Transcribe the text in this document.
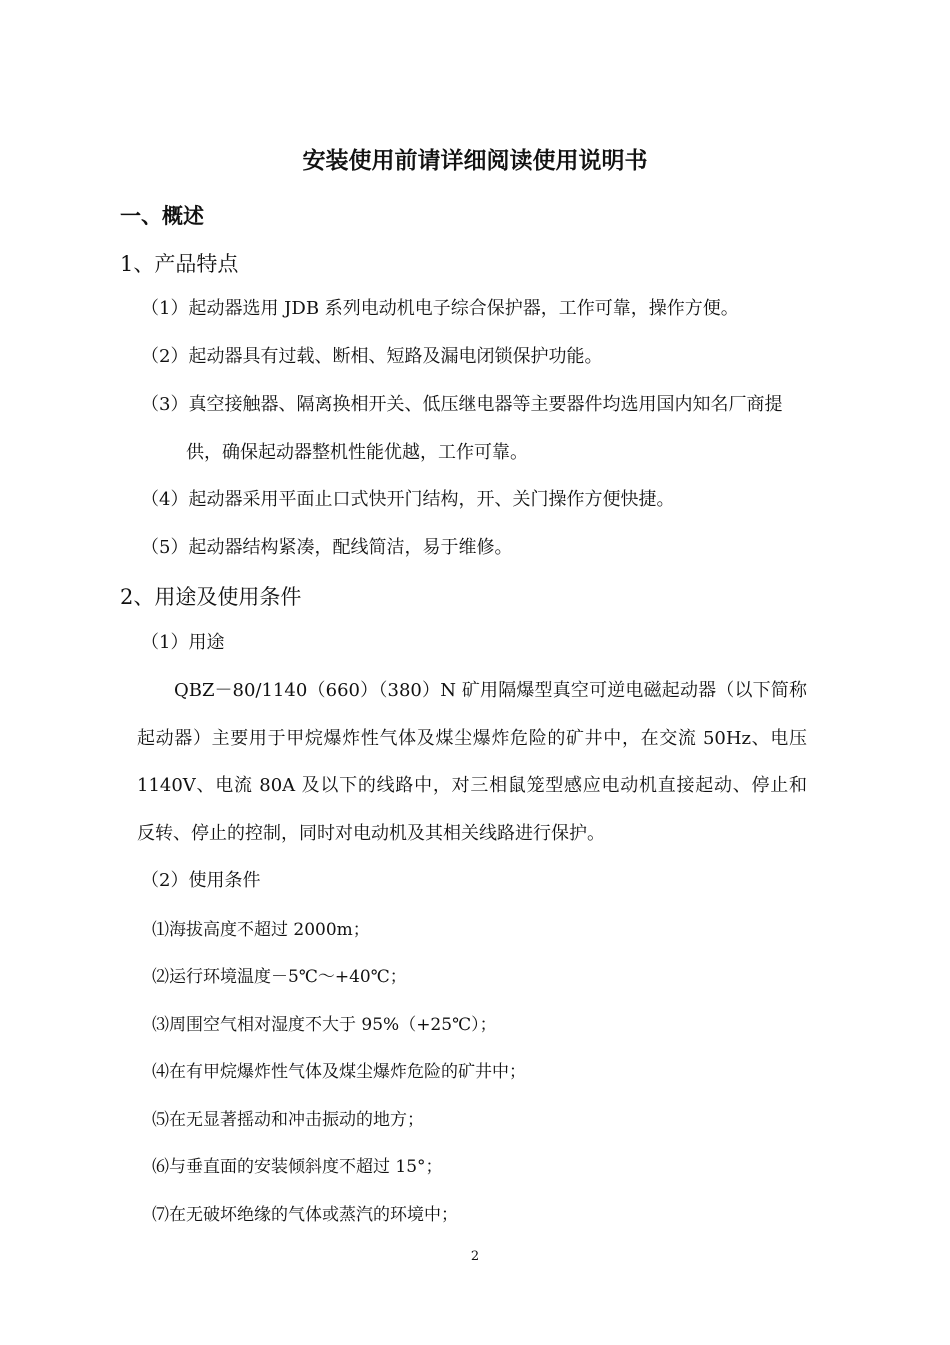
安装使用前请详细阅读使用说明书
一、概述
1、产品特点
（1）起动器选用 JDB 系列电动机电子综合保护器，工作可靠，操作方便。
（2）起动器具有过载、断相、短路及漏电闭锁保护功能。
（3）真空接触器、隔离换相开关、低压继电器等主要器件均选用国内知名厂商提
供，确保起动器整机性能优越，工作可靠。
（4）起动器采用平面止口式快开门结构，开、关门操作方便快捷。
（5）起动器结构紧凑，配线简洁，易于维修。
2、用途及使用条件
（1）用途
QBZ－80/1140（660）（380）N 矿用隔爆型真空可逆电磁起动器（以下简称
起动器）主要用于甲烷爆炸性气体及煤尘爆炸危险的矿井中，在交流 50Hz、电压
1140V、电流 80A 及以下的线路中，对三相鼠笼型感应电动机直接起动、停止和
反转、停止的控制，同时对电动机及其相关线路进行保护。
（2）使用条件
⑴海拔高度不超过 2000m；
⑵运行环境温度－5℃～+40℃；
⑶周围空气相对湿度不大于 95%（+25℃）；
⑷在有甲烷爆炸性气体及煤尘爆炸危险的矿井中；
⑸在无显著摇动和冲击振动的地方；
⑹与垂直面的安装倾斜度不超过 15°；
⑺在无破坏绝缘的气体或蒸汽的环境中；
2
